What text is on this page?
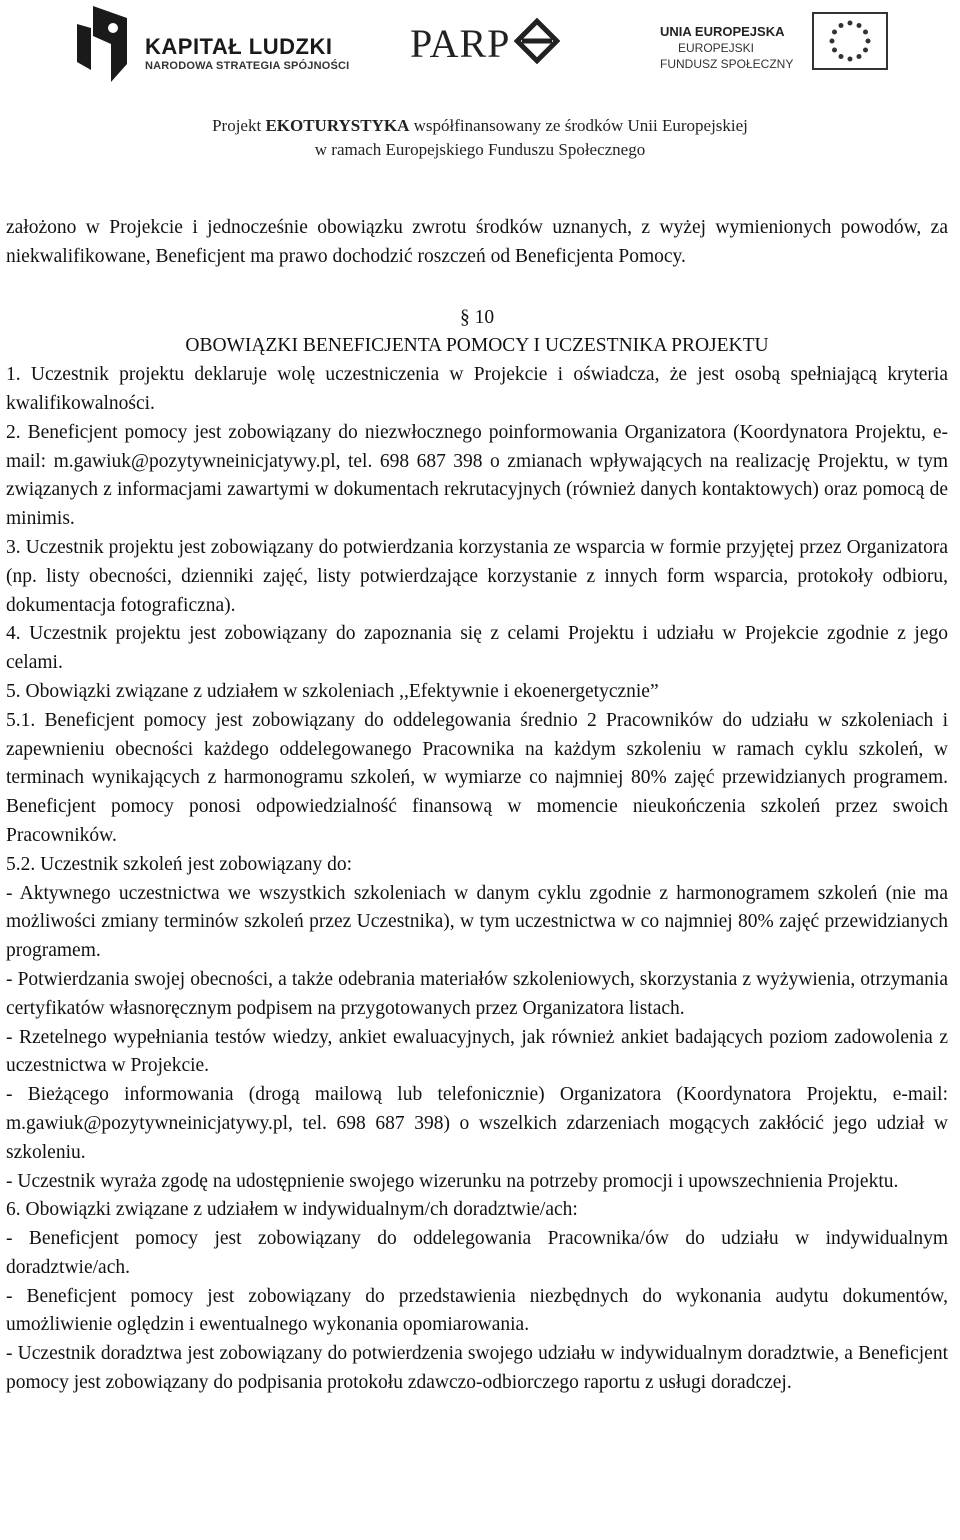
KAPITAŁ LUDZKI
NARODOWA STRATEGIA SPÓJNOŚCI PARP	UNIA EUROPEJSKA
EUROPEJSKI
FUNDUSZ SPOŁECZNY
Projekt EKOTURYSTYKA współfinansowany ze środków Unii Europejskiej
w ramach Europejskiego Funduszu Społecznego

założono w Projekcie i jednocześnie obowiązku zwrotu środków uznanych, z wyżej wymienionych powodów, za niekwalifikowane, Beneficjent ma prawo dochodzić roszczeń od Beneficjenta Pomocy.

§ 10

OBOWIĄZKI BENEFICJENTA POMOCY I UCZESTNIKA PROJEKTU

1. Uczestnik projektu deklaruje wolę uczestniczenia w Projekcie i oświadcza, że jest osobą spełniającą kryteria kwalifikowalności.

2. Beneficjent pomocy jest zobowiązany do niezwłocznego poinformowania Organizatora (Koordynatora Projektu, e-mail: m.gawiuk@pozytywneinicjatywy.pl, tel. 698 687 398 o zmianach wpływających na realizację Projektu, w tym związanych z informacjami zawartymi w dokumentach rekrutacyjnych (również danych kontaktowych) oraz pomocą de minimis.

3. Uczestnik projektu jest zobowiązany do potwierdzania korzystania ze wsparcia w formie przyjętej przez Organizatora (np. listy obecności, dzienniki zajęć, listy potwierdzające korzystanie z innych form wsparcia, protokoły odbioru, dokumentacja fotograficzna).

4. Uczestnik projektu jest zobowiązany do zapoznania się z celami Projektu i udziału w Projekcie zgodnie z jego celami.

5. Obowiązki związane z udziałem w szkoleniach ,,Efektywnie i ekoenergetycznie”

5.1. Beneficjent pomocy jest zobowiązany do oddelegowania średnio 2 Pracowników do udziału w szkoleniach i zapewnieniu obecności każdego oddelegowanego Pracownika na każdym szkoleniu w ramach cyklu szkoleń, w terminach wynikających z harmonogramu szkoleń, w wymiarze co najmniej 80% zajęć przewidzianych programem. Beneficjent pomocy ponosi odpowiedzialność finansową w momencie nieukończenia szkoleń przez swoich Pracowników.

5.2. Uczestnik szkoleń jest zobowiązany do:

- Aktywnego uczestnictwa we wszystkich szkoleniach w danym cyklu zgodnie z harmonogramem szkoleń (nie ma możliwości zmiany terminów szkoleń przez Uczestnika), w tym uczestnictwa w co najmniej 80% zajęć przewidzianych programem.

- Potwierdzania swojej obecności, a także odebrania materiałów szkoleniowych, skorzystania z wyżywienia, otrzymania certyfikatów własnoręcznym podpisem na przygotowanych przez Organizatora listach.

- Rzetelnego wypełniania testów wiedzy, ankiet ewaluacyjnych, jak również ankiet badających poziom zadowolenia z uczestnictwa w Projekcie.

- Bieżącego informowania (drogą mailową lub telefonicznie) Organizatora (Koordynatora Projektu, e-mail: m.gawiuk@pozytywneinicjatywy.pl, tel. 698 687 398) o wszelkich zdarzeniach mogących zakłócić jego udział w szkoleniu.

- Uczestnik wyraża zgodę na udostępnienie swojego wizerunku na potrzeby promocji i upowszechnienia Projektu.

6. Obowiązki związane z udziałem w indywidualnym/ch doradztwie/ach:

- Beneficjent pomocy jest zobowiązany do oddelegowania Pracownika/ów do udziału w indywidualnym doradztwie/ach.

- Beneficjent pomocy jest zobowiązany do przedstawienia niezbędnych do wykonania audytu dokumentów, umożliwienie oględzin i ewentualnego wykonania opomiarowania.

- Uczestnik doradztwa jest zobowiązany do potwierdzenia swojego udziału w indywidualnym doradztwie, a Beneficjent pomocy jest zobowiązany do podpisania protokołu zdawczo-odbiorczego raportu z usługi doradczej.
